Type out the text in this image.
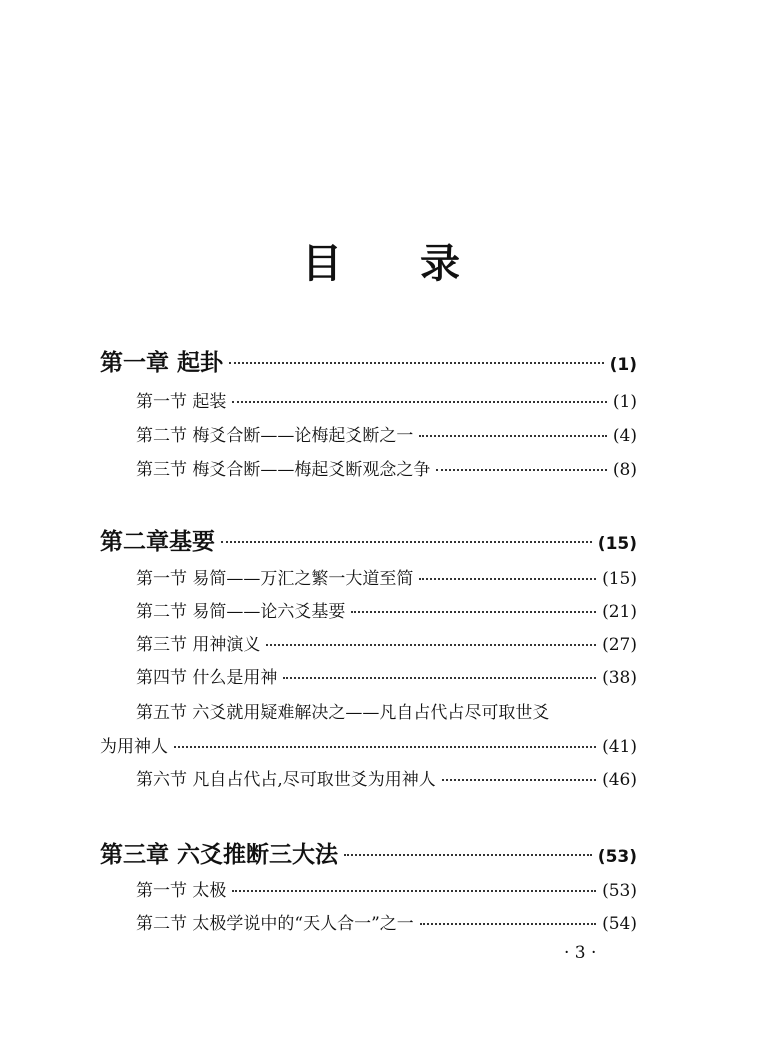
目 录
第一章 起卦	(1)
第一节 起装	(1)
第二节 梅爻合断——论梅起爻断之一	(4)
第三节 梅爻合断——梅起爻断观念之争	(8)
第二章基要	(15)
第一节 易简——万汇之繁一大道至简	(15)
第二节 易简——论六爻基要	(21)
第三节 用神演义	(27)
第四节 什么是用神	(38)
第五节 六爻就用疑难解决之——凡自占代占尽可取世爻
为用神人	(41)
第六节 凡自占代占,尽可取世爻为用神人	(46)
第三章 六爻推断三大法	(53)
第一节 太极	(53)
第二节 太极学说中的“天人合一”之一	(54)
· 3 ·
